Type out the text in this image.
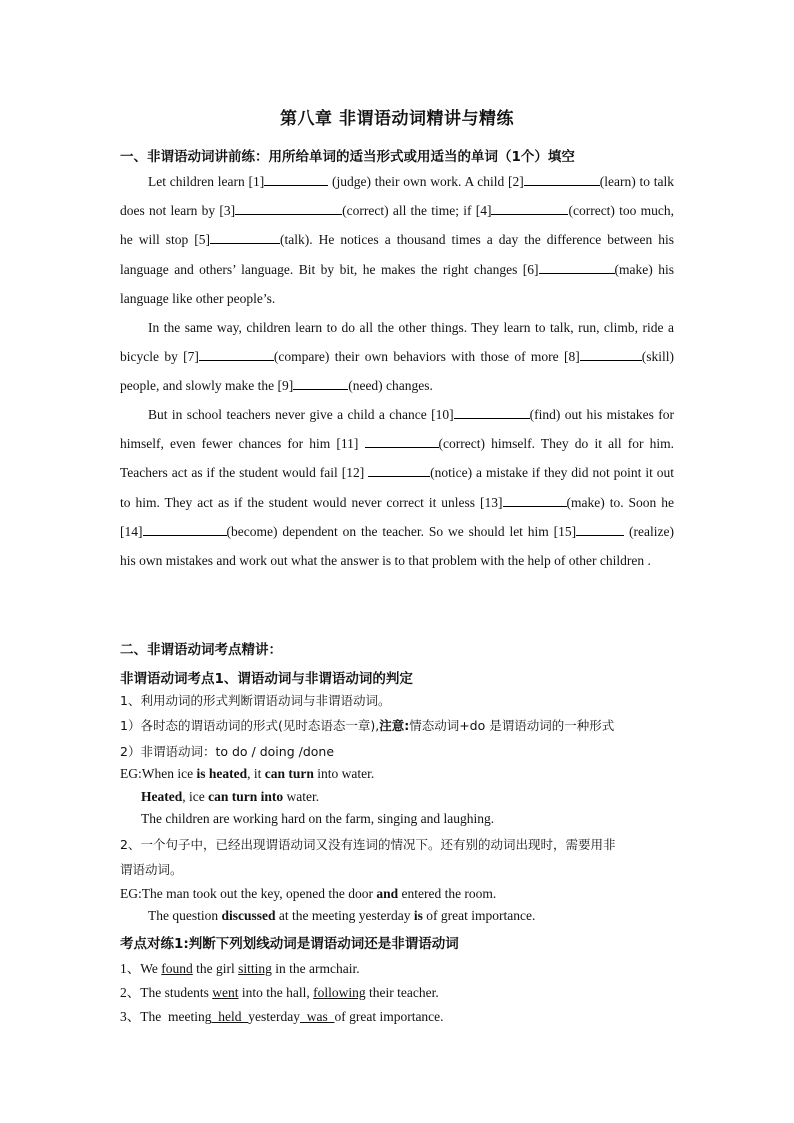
第八章 非谓语动词精讲与精练
一、非谓语动词讲前练：用所给单词的适当形式或用适当的单词（1个）填空
Let children learn [1]	(judge) their own work. A child [2]	(learn) to talk does not learn by [3]	(correct) all the time; if [4]	(correct) too much, he will stop [5]	(talk). He notices a thousand times a day the difference between his language and others’ language. Bit by bit, he makes the right changes [6]	(make) his language like other people’s.
In the same way, children learn to do all the other things. They learn to talk, run, climb, ride a bicycle by [7]	(compare) their own behaviors with those of more [8]	(skill) people, and slowly make the [9]	(need) changes.
But in school teachers never give a child a chance [10]	(find) out his mistakes for himself, even fewer chances for him [11]	(correct) himself. They do it all for him. Teachers act as if the student would fail [12]	(notice) a mistake if they did not point it out to him. They act as if the student would never correct it unless [13]	(make) to. Soon he [14]	(become) dependent on the teacher. So we should let him [15]	(realize) his own mistakes and work out what the answer is to that problem with the help of other children .
二、非谓语动词考点精讲：
非谓语动词考点1、谓语动词与非谓语动词的判定
1、利用动词的形式判断谓语动词与非谓语动词。
1）各时态的谓语动词的形式(见时态语态一章),注意:情态动词+do 是谓语动词的一种形式
2）非谓语动词：to do / doing /done
EG:When ice is heated, it can turn into water.
Heated, ice can turn into water.
The children are working hard on the farm, singing and laughing.
2、一个句子中，已经出现谓语动词又没有连词的情况下。还有别的动词出现时，需要用非
谓语动词。
EG:The man took out the key, opened the door and entered the room.
The question discussed at the meeting yesterday is of great importance.
考点对练1:判断下列划线动词是谓语动词还是非谓语动词
1、We found the girl sitting in the armchair.
2、The students went into the hall, following their teacher.
3、The  meeting  held  yesterday  was  of great importance.
